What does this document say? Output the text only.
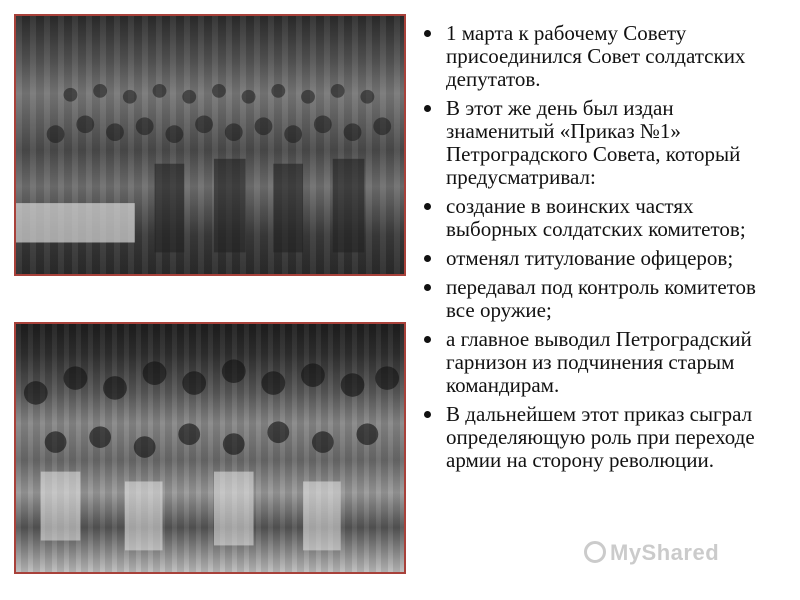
1 марта к рабочему Совету присоединился Совет солдатских депутатов.
В этот же день был издан знаменитый «Приказ №1» Петроградского Совета, который предусматривал:
создание в воинских частях выборных солдатских комитетов;
отменял титулование офицеров;
передавал под контроль комитетов все оружие;
а главное выводил Петроградский гарнизон из подчинения старым командирам.
В дальнейшем этот приказ сыграл определяющую роль при переходе армии на сторону революции.
MyShared
